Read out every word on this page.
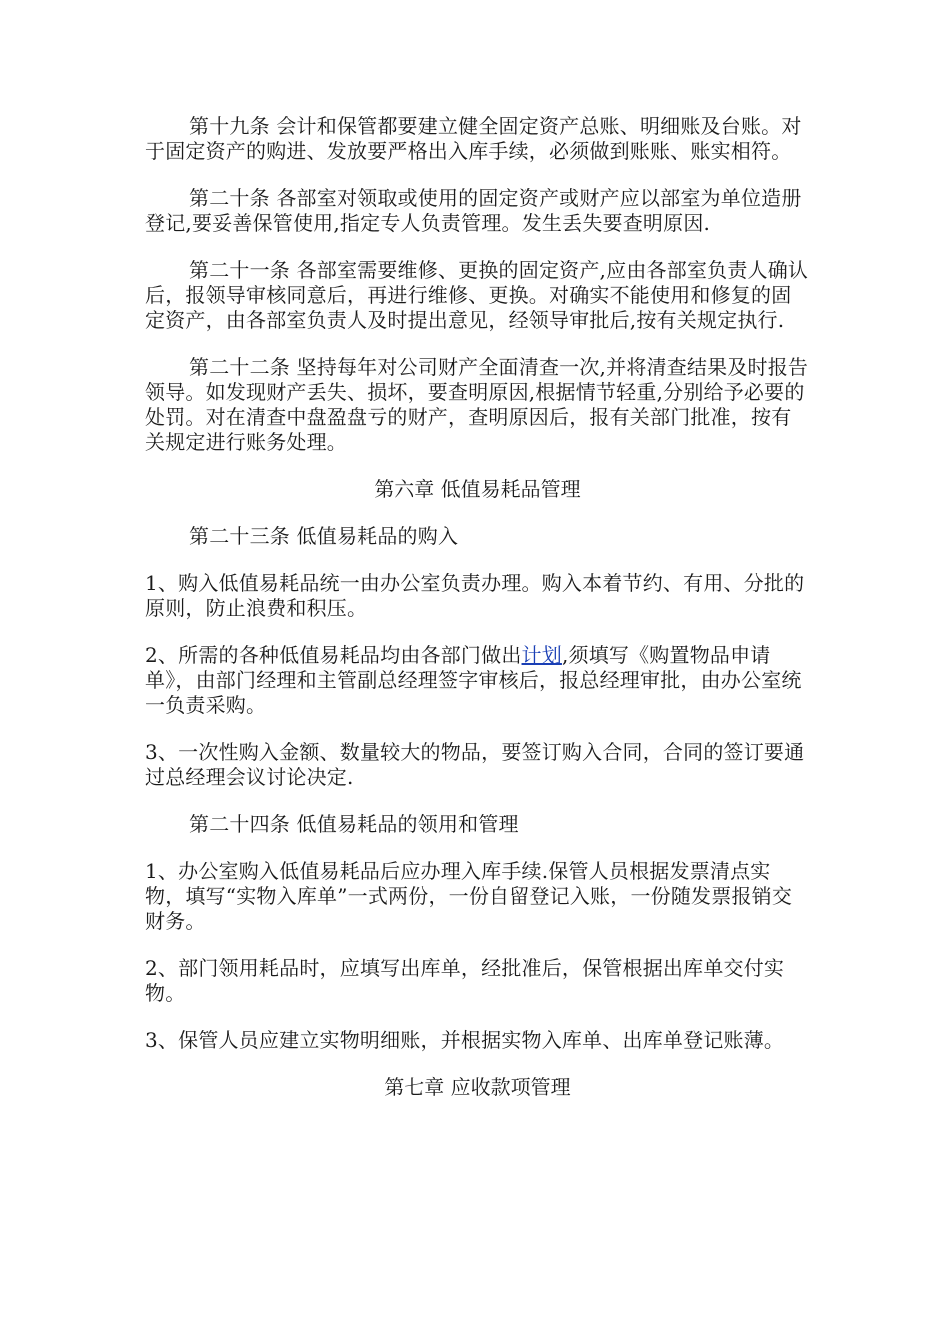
第十九条 会计和保管都要建立健全固定资产总账、明细账及台账。对于固定资产的购进、发放要严格出入库手续，必须做到账账、账实相符。

第二十条 各部室对领取或使用的固定资产或财产应以部室为单位造册登记,要妥善保管使用,指定专人负责管理。发生丢失要查明原因.

第二十一条 各部室需要维修、更换的固定资产,应由各部室负责人确认后，报领导审核同意后，再进行维修、更换。对确实不能使用和修复的固定资产，由各部室负责人及时提出意见，经领导审批后,按有关规定执行.

第二十二条 坚持每年对公司财产全面清查一次,并将清查结果及时报告领导。如发现财产丢失、损坏，要查明原因,根据情节轻重,分别给予必要的处罚。对在清查中盘盈盘亏的财产，查明原因后，报有关部门批准，按有关规定进行账务处理。

第六章 低值易耗品管理

第二十三条 低值易耗品的购入

1、购入低值易耗品统一由办公室负责办理。购入本着节约、有用、分批的原则，防止浪费和积压。

2、所需的各种低值易耗品均由各部门做出计划,须填写《购置物品申请单》，由部门经理和主管副总经理签字审核后，报总经理审批，由办公室统一负责采购。

3、一次性购入金额、数量较大的物品，要签订购入合同，合同的签订要通过总经理会议讨论决定.

第二十四条 低值易耗品的领用和管理

1、办公室购入低值易耗品后应办理入库手续.保管人员根据发票清点实物，填写“实物入库单”一式两份，一份自留登记入账，一份随发票报销交财务。

2、部门领用耗品时，应填写出库单，经批准后，保管根据出库单交付实物。

3、保管人员应建立实物明细账，并根据实物入库单、出库单登记账薄。

第七章 应收款项管理
